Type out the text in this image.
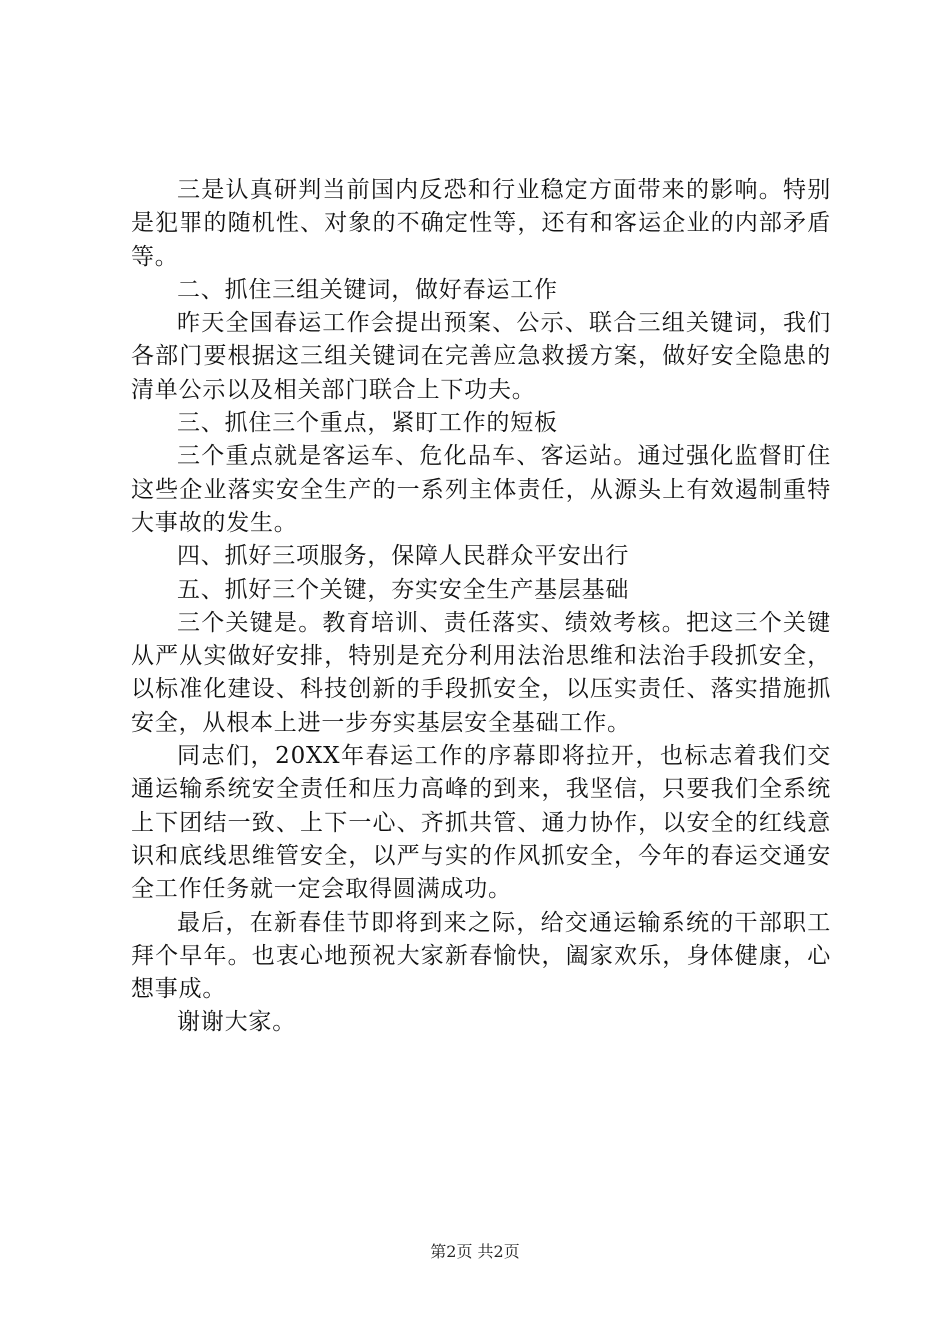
三是认真研判当前国内反恐和行业稳定方面带来的影响。特别是犯罪的随机性、对象的不确定性等，还有和客运企业的内部矛盾等。

二、抓住三组关键词，做好春运工作

昨天全国春运工作会提出预案、公示、联合三组关键词，我们各部门要根据这三组关键词在完善应急救援方案，做好安全隐患的清单公示以及相关部门联合上下功夫。

三、抓住三个重点，紧盯工作的短板

三个重点就是客运车、危化品车、客运站。通过强化监督盯住这些企业落实安全生产的一系列主体责任，从源头上有效遏制重特大事故的发生。

四、抓好三项服务，保障人民群众平安出行

五、抓好三个关键，夯实安全生产基层基础

三个关键是。教育培训、责任落实、绩效考核。把这三个关键从严从实做好安排，特别是充分利用法治思维和法治手段抓安全，以标准化建设、科技创新的手段抓安全，以压实责任、落实措施抓安全，从根本上进一步夯实基层安全基础工作。

同志们，20XX年春运工作的序幕即将拉开，也标志着我们交通运输系统安全责任和压力高峰的到来，我坚信，只要我们全系统上下团结一致、上下一心、齐抓共管、通力协作，以安全的红线意识和底线思维管安全，以严与实的作风抓安全，今年的春运交通安全工作任务就一定会取得圆满成功。

最后，在新春佳节即将到来之际，给交通运输系统的干部职工拜个早年。也衷心地预祝大家新春愉快，阖家欢乐，身体健康，心想事成。

谢谢大家。

第2页 共2页
